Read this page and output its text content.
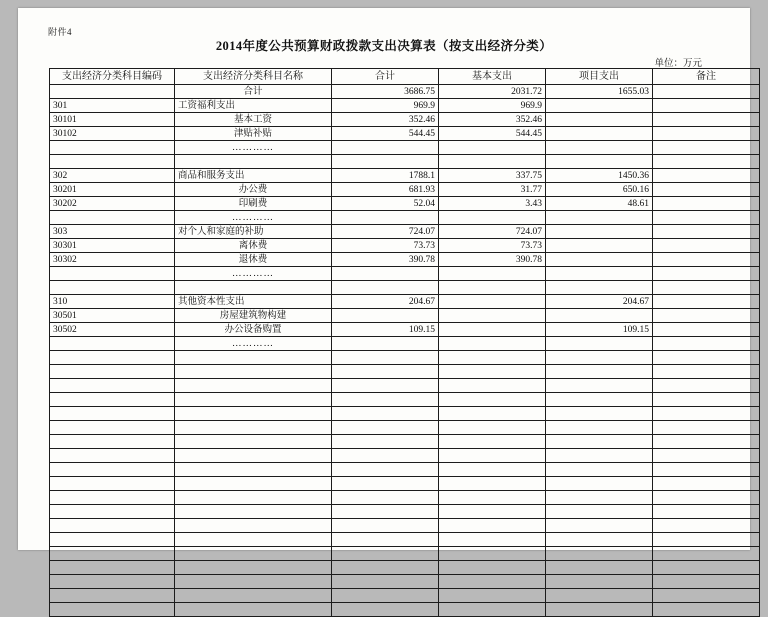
附件4
2014年度公共预算财政拨款支出决算表（按支出经济分类）
单位：万元
支出经济分类科目编码	支出经济分类科目名称	合计	基本支出	项目支出	备注
	合计	3686.75	2031.72	1655.03	
301	工资福利支出	969.9	969.9		
30101	基本工资	352.46	352.46		
30102	津贴补贴	544.45	544.45		
	…………				

302	商品和服务支出	1788.1	337.75	1450.36	
30201	办公费	681.93	31.77	650.16	
30202	印刷费	52.04	3.43	48.61	
	…………				
303	对个人和家庭的补助	724.07	724.07		
30301	离休费	73.73	73.73		
30302	退休费	390.78	390.78		
	…………				

310	其他资本性支出	204.67		204.67	
30501	房屋建筑物构建				
30502	办公设备购置	109.15		109.15	
	…………				
